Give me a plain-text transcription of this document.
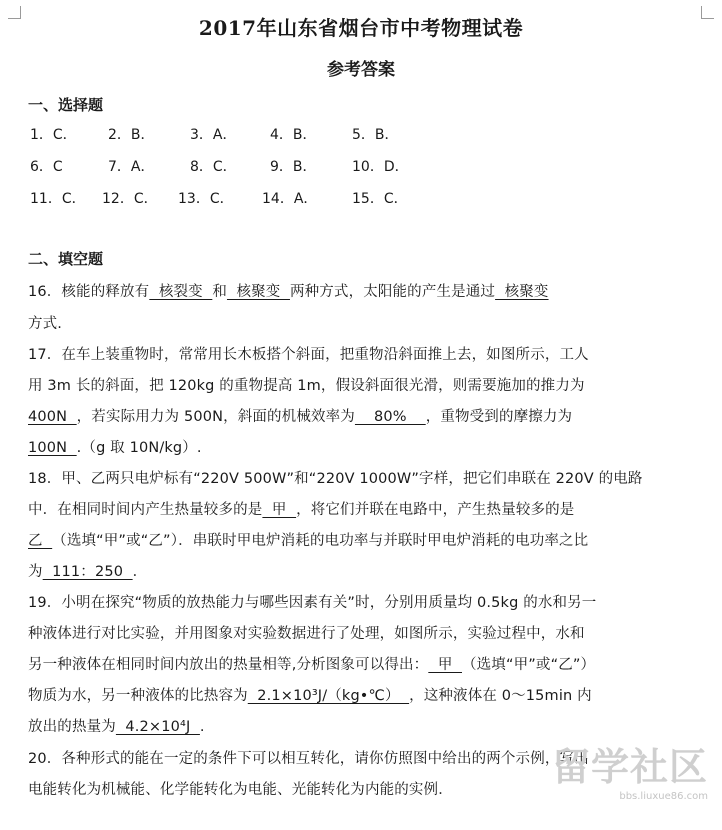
2017年山东省烟台市中考物理试卷
参考答案
一、选择题
1．C． 2．B．	3．A． 4．B．	5．B．
6．C	7．A．	8．C． 9．B．	10．D．
11．C． 12．C． 13．C． 14．A． 15．C．
二、填空题
16．核能的释放有  核裂变  和  核聚变  两种方式，太阳能的产生是通过  核聚变
方式.
17．在车上装重物时，常常用长木板搭个斜面，把重物沿斜面推上去，如图所示，工人
用 3m 长的斜面，把 120kg 的重物提高 1m，假设斜面很光滑，则需要施加的推力为
400N  ，若实际用力为 500N，斜面的机械效率为    80%    ，重物受到的摩擦力为
100N  .（g 取 10N/kg）.
18．甲、乙两只电炉标有“220V 500W”和“220V 1000W”字样，把它们串联在 220V 的电路
中．在相同时间内产生热量较多的是  甲  ，将它们并联在电路中，产生热量较多的是
乙  （选填“甲”或“乙”）．串联时甲电炉消耗的电功率与并联时甲电炉消耗的电功率之比
为  111：250  ．
19．小明在探究“物质的放热能力与哪些因素有关”时，分别用质量均 0.5kg 的水和另一
种液体进行对比实验，并用图象对实验数据进行了处理，如图所示，实验过程中，水和
另一种液体在相同时间内放出的热量相等,分析图象可以得出：  甲  （选填“甲”或“乙”）
物质为水，另一种液体的比热容为  2.1×10³J/（kg•℃）  ，这种液体在 0～15min 内
放出的热量为  4.2×10⁴J  .
20．各种形式的能在一定的条件下可以相互转化，请你仿照图中给出的两个示例，写出
电能转化为机械能、化学能转化为电能、光能转化为内能的实例．
留学社区
bbs.liuxue86.com
